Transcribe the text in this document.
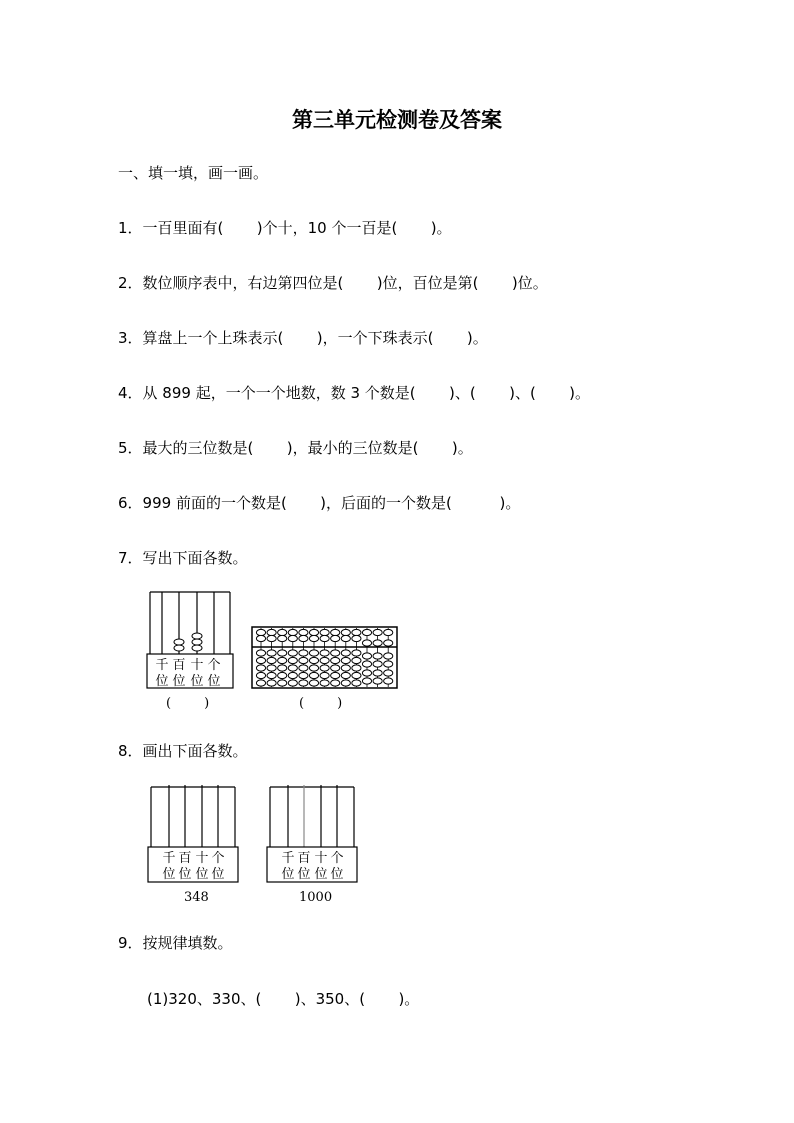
第三单元检测卷及答案
一、填一填，画一画。
1．一百里面有(       )个十，10 个一百是(       )。
2．数位顺序表中，右边第四位是(       )位，百位是第(       )位。
3．算盘上一个上珠表示(       )，一个下珠表示(       )。
4．从 899 起，一个一个地数，数 3 个数是(       )、(       )、(       )。
5．最大的三位数是(       )，最小的三位数是(       )。
6．999 前面的一个数是(       )，后面的一个数是(          )。
7．写出下面各数。
千 百 十 个
位 位 位 位
(        )	(        )
8．画出下面各数。
千 百 十 个
位 位 位 位
348
千 百 十 个
位 位 位 位
1000
9．按规律填数。
(1)320、330、(       )、350、(       )。
